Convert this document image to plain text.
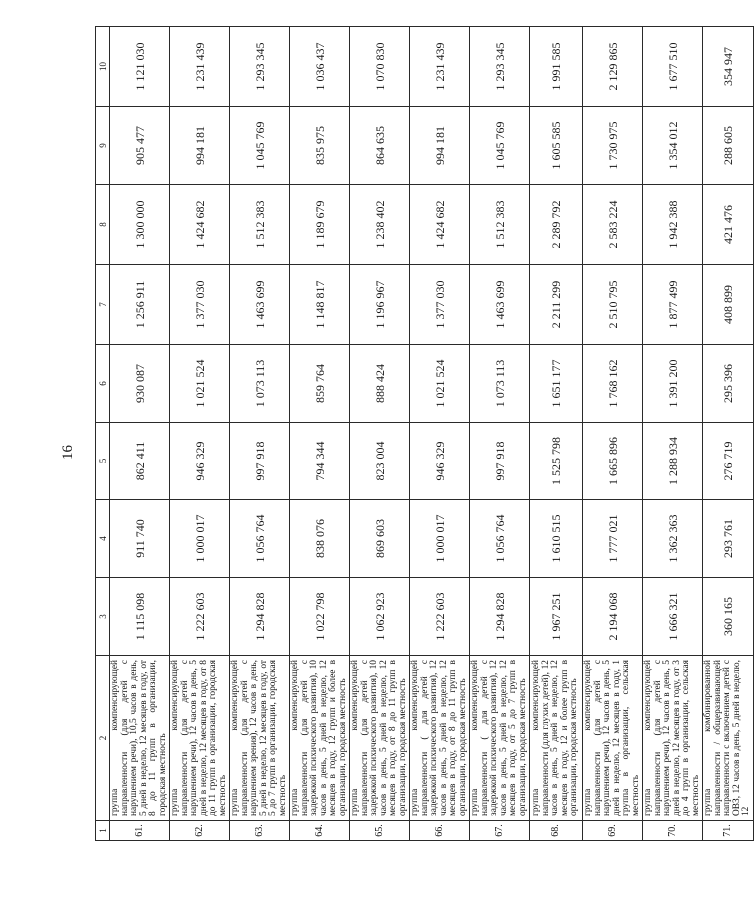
16
1	2	3	4	5	6	7	8	9	10
61.	группа компенсирующей направленности (для детей с нарушением речи), 10,5 часов в день, 5 дней в неделю, 12 месяцев в году, от 8 до 11 групп в организации, городская местность	1 115 098	911 740	862 411	930 087	1 256 911	1 300 000	905 477	1 121 030
62.	группа компенсирующей направленности (для детей с нарушением речи), 12 часов в день, 5 дней в неделю, 12 месяцев в году, от 8 до 11 групп в организации, городская местность	1 222 603	1 000 017	946 329	1 021 524	1 377 030	1 424 682	994 181	1 231 439
63.	группа компенсирующей направленности (для детей с нарушением зрения), 12 часов в день, 5 дней в неделю, 12 месяцев в году, от 5 до 7 групп в организации, городская местность	1 294 828	1 056 764	997 918	1 073 113	1 463 699	1 512 383	1 045 769	1 293 345
64.	группа компенсирующей направленности (для детей с задержкой психического развития), 10 часов в день, 5 дней в неделю, 12 месяцев в году, 12 групп и более в организации, городская местность	1 022 798	838 076	794 344	859 764	1 148 817	1 189 679	835 975	1 036 437
65.	группа компенсирующей направленности (для детей с задержкой психического развития), 10 часов в день, 5 дней в неделю, 12 месяцев в году, от 8 до 11 групп в организации, городская местность	1 062 923	869 603	823 004	888 424	1 196 967	1 238 402	864 635	1 070 830
66.	группа компенсирующей направленности ( для детей с задержкой психического развития), 12 часов в день, 5 дней в неделю, 12 месяцев в году, от 8 до 11 групп в организации, городская местность	1 222 603	1 000 017	946 329	1 021 524	1 377 030	1 424 682	994 181	1 231 439
67.	группа компенсирующей направленности ( для детей с задержкой психического развития), 12 часов в день, 5 дней в неделю, 12 месяцев в году, от 5 до 7 групп в организации, городская местность	1 294 828	1 056 764	997 918	1 073 113	1 463 699	1 512 383	1 045 769	1 293 345
68.	группа компенсирующей направленности (для глухих детей), 12 часов в день, 5 дней в неделю, 12 месяцев в году, 12 и более групп в организации, городская местность	1 967 251	1 610 515	1 525 798	1 651 177	2 211 299	2 289 792	1 605 585	1 991 585
69.	группа компенсирующей направленности (для детей с нарушением речи), 12 часов в день, 5 дней в неделю, 12 месяцев в году, 1 группа в организации, сельская местность	2 194 068	1 777 021	1 665 896	1 768 162	2 510 795	2 583 224	1 730 975	2 129 865
70.	группа компенсирующей направленности (для детей с нарушением речи), 12 часов в день, 5 дней в неделю, 12 месяцев в году, от 3 до 4 групп в организации, сельская местность	1 666 321	1 362 363	1 288 934	1 391 200	1 877 499	1 942 388	1 354 012	1 677 510
71.	группа комбинированной направленности / общеразвивающей направленности с включением детей с ОВЗ, 12 часов в день, 5 дней в неделю, 12	360 165	293 761	276 719	295 396	408 899	421 476	288 605	354 947
